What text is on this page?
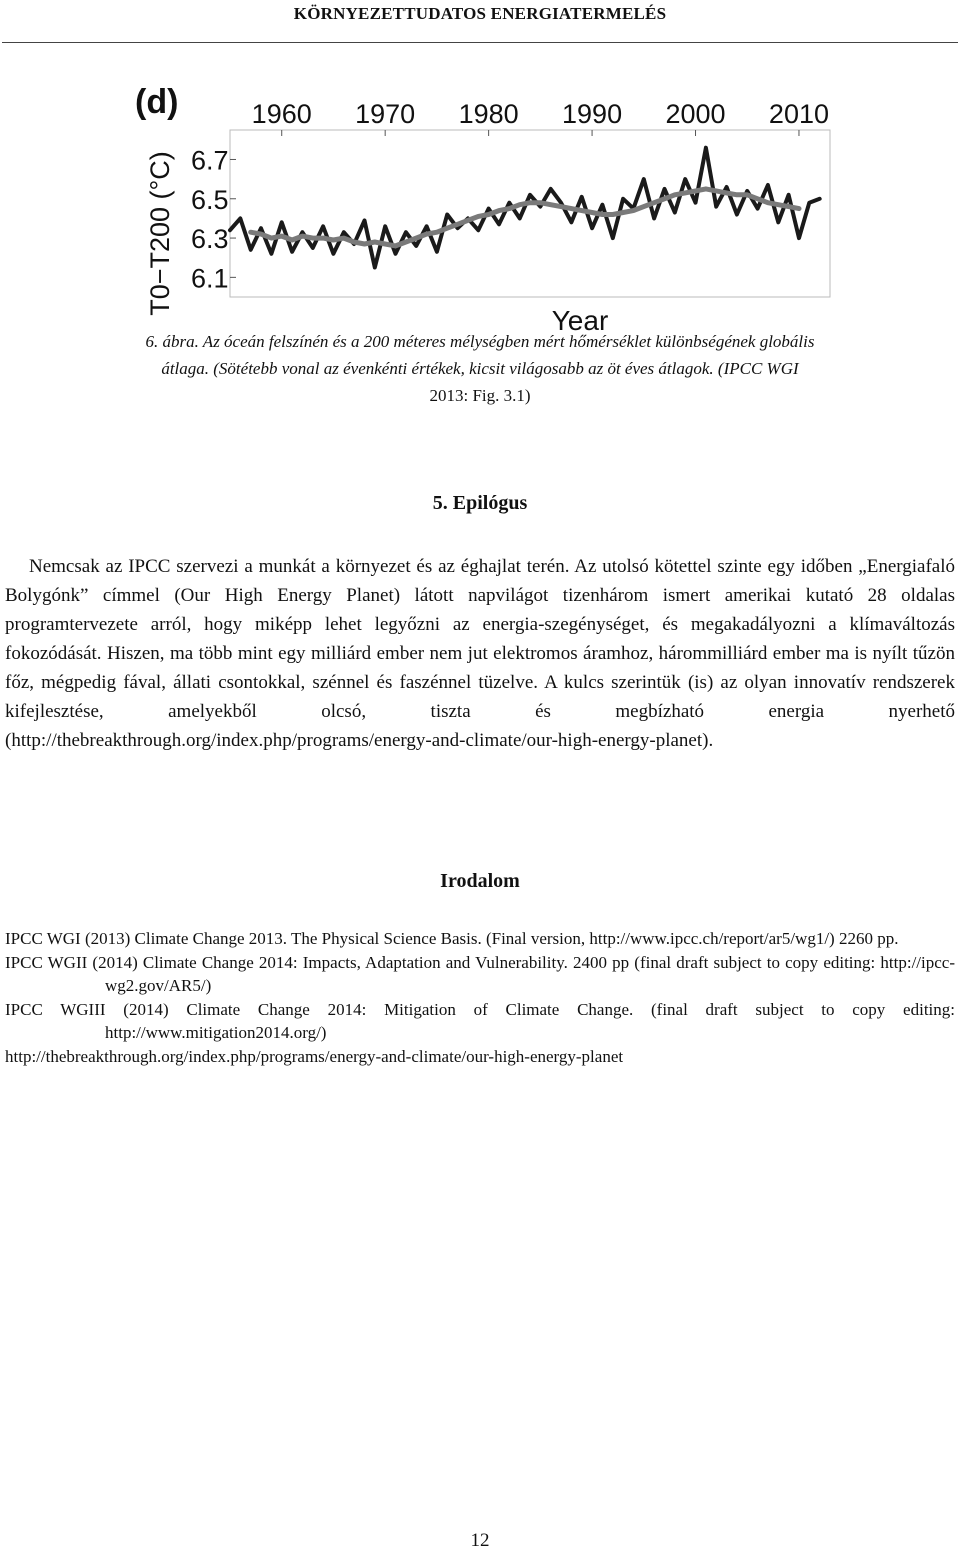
KÖRNYEZETTUDATOS ENERGIATERMELÉS
(d)	1960 1970 1980 1990 2000 2010
6.1
6.3
6.5
6.7
T0−T200 (°C)
Year
6. ábra. Az óceán felszínén és a 200 méteres mélységben mért hőmérséklet különbségének globális
átlaga. (Sötétebb vonal az évenkénti értékek, kicsit világosabb az öt éves átlagok. (IPCC WGI
2013: Fig. 3.1)
5. Epilógus

Nemcsak az IPCC szervezi a munkát a környezet és az éghajlat terén. Az utolsó kötettel szinte egy időben „Energiafaló Bolygónk” címmel (Our High Energy Planet) látott napvilágot tizenhárom ismert amerikai kutató 28 oldalas programtervezete arról, hogy miképp lehet legyőzni az energia-szegénységet, és megakadályozni a klímaváltozás fokozódását. Hiszen, ma több mint egy milliárd ember nem jut elektromos áramhoz, hárommilliárd ember ma is nyílt tűzön főz, mégpedig fával, állati csontokkal, szénnel és faszénnel tüzelve. A kulcs szerintük (is) az olyan innovatív rendszerek kifejlesztése, amelyekből olcsó, tiszta és megbízható energia nyerhető (http://thebreakthrough.org/index.php/programs/energy-and-climate/our-high-energy-planet).

Irodalom
IPCC WGI (2013) Climate Change 2013. The Physical Science Basis. (Final version, http://www.ipcc.ch/report/ar5/wg1/) 2260 pp.
IPCC WGII (2014) Climate Change 2014: Impacts, Adaptation and Vulnerability. 2400 pp (final draft subject to copy editing: http://ipcc-wg2.gov/AR5/)
IPCC WGIII (2014) Climate Change 2014: Mitigation of Climate Change. (final draft subject to copy editing: http://www.mitigation2014.org/)
http://thebreakthrough.org/index.php/programs/energy-and-climate/our-high-energy-planet
12
